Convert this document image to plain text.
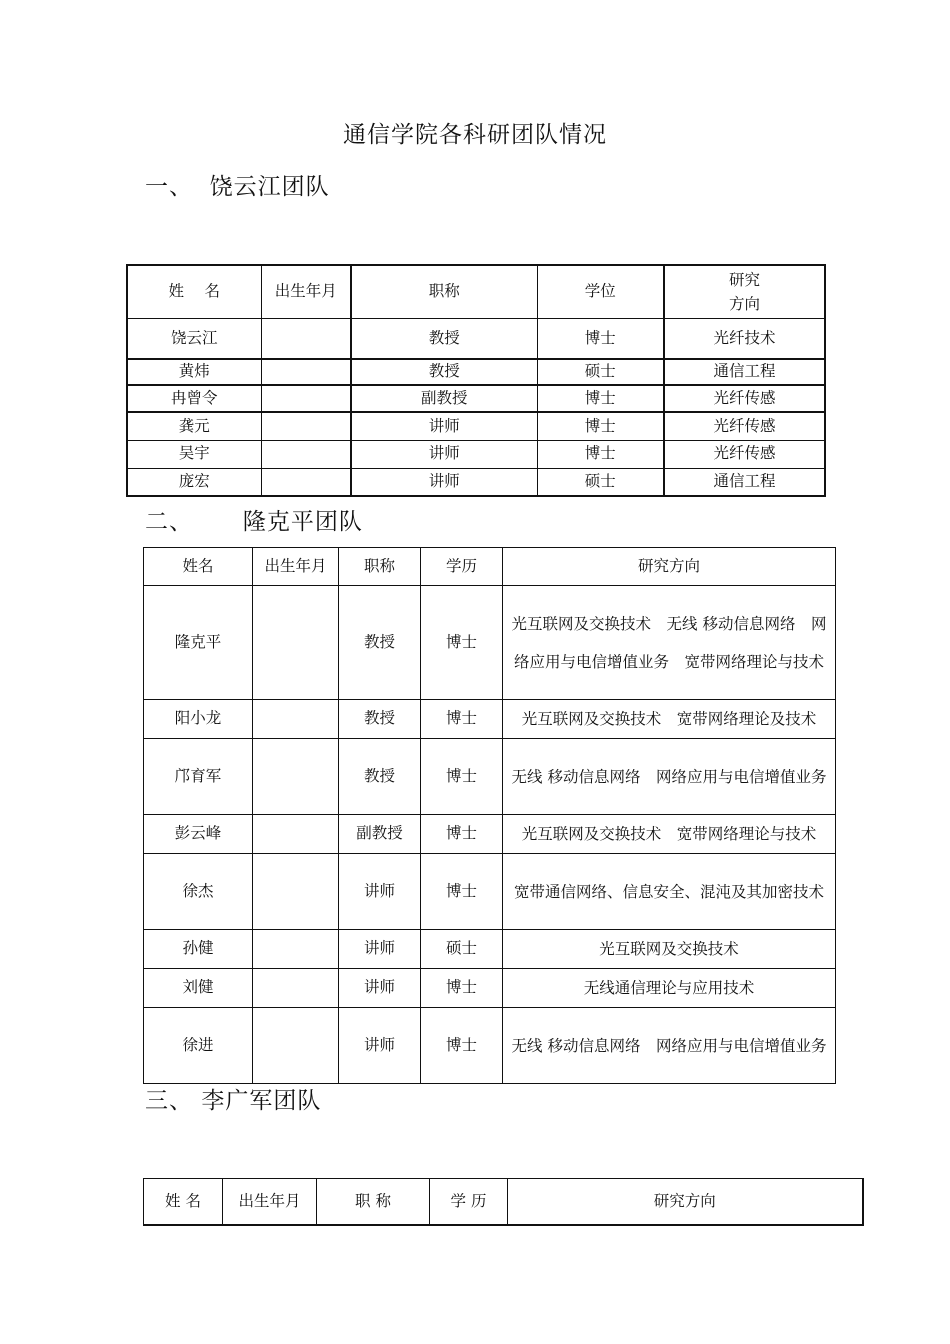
通信学院各科研团队情况
一、 饶云江团队
姓　 名	出生年月	职称	学位	研究
方向
饶云江		教授	博士	光纤技术
黄炜		教授	硕士	通信工程
冉曾令		副教授	博士	光纤传感
龚元		讲师	博士	光纤传感
吴宇		讲师	博士	光纤传感
庞宏		讲师	硕士	通信工程
二、 隆克平团队
姓名	出生年月	职称	学历	研究方向
隆克平		教授	博士	光互联网及交换技术　无线 移动信息网络　网络应用与电信增值业务　宽带网络理论与技术
阳小龙		教授	博士	光互联网及交换技术　宽带网络理论及技术
邝育军		教授	博士	无线 移动信息网络　网络应用与电信增值业务
彭云峰		副教授	博士	光互联网及交换技术　宽带网络理论与技术
徐杰		讲师	博士	宽带通信网络、信息安全、混沌及其加密技术
孙健		讲师	硕士	光互联网及交换技术
刘健		讲师	博士	无线通信理论与应用技术
徐进		讲师	博士	无线 移动信息网络　网络应用与电信增值业务
三、 李广军团队
姓 名	出生年月	职 称	学 历	研究方向
